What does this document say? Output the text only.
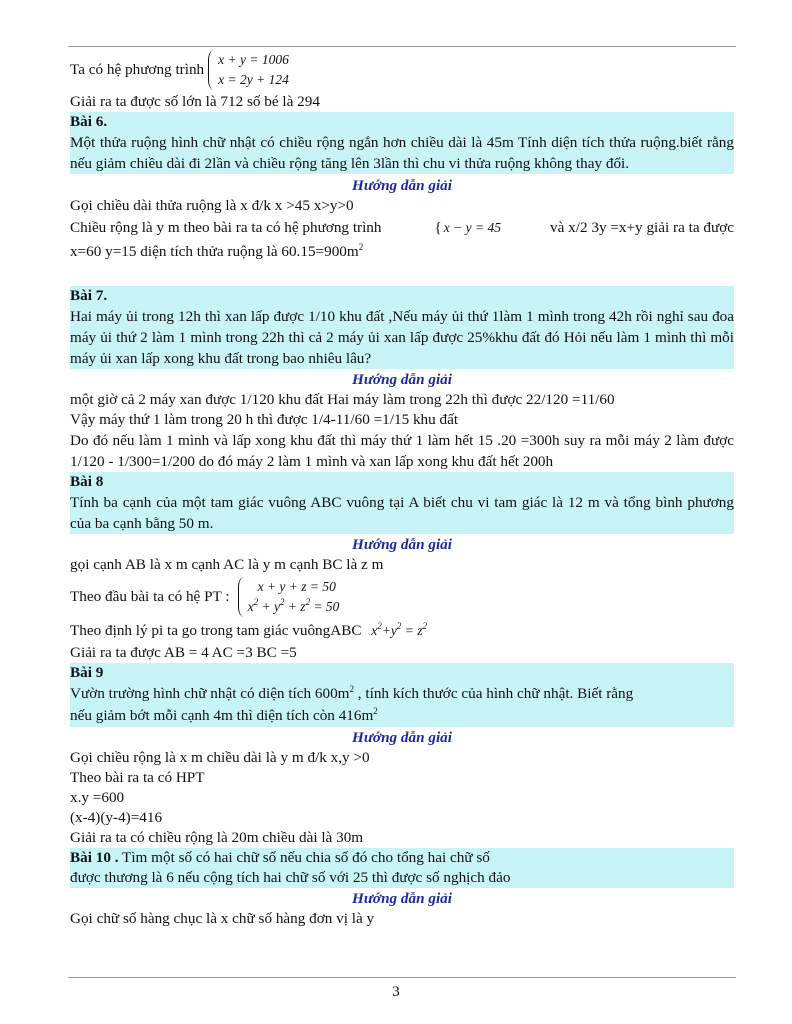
Ta có hệ phương trình
x + y = 1006
x = 2y + 124
Giải ra ta được số lớn là 712 số bé là 294
Bài 6.
Một thửa ruộng hình chữ nhật có chiều rộng ngắn hơn chiều dài là 45m Tính diện tích thửa ruộng.biết rằng nếu giảm chiều dài đi 2lần và chiều rộng tăng lên 3lần thì chu vi thửa ruộng không thay đổi.
Hướng dẫn giải
Gọi chiều dài thửa ruộng là x đ/k x >45 x>y>0
Chiều rộng là y m theo bài ra ta có hệ phương trình	{ x − y = 45	và x/2 3y =x+y giải ra ta được
x=60 y=15 diện tích thửa ruộng là $60.15=900m^2$
Bài 7.
Hai máy ủi trong 12h thì xan lấp được 1/10 khu đất ,Nếu máy ủi thứ 1làm 1 mình trong 42h rồi nghỉ sau đoa máy ủi thứ 2 làm 1 mình trong 22h thì cả 2 máy ủi xan lấp được 25%khu đất đó Hỏi nếu làm 1 mình thì mỗi máy ủi xan lấp xong khu đất trong bao nhiêu lâu?
Hướng dẫn giải
một giờ cả 2 máy xan được 1/120 khu đất Hai máy làm trong 22h thì được 22/120 =11/60
Vậy máy thứ 1 làm trong 20 h thì được 1/4-11/60 =1/15 khu đất
Do đó nếu làm 1 mình và lấp xong khu đất thì máy thứ 1 làm hết 15 .20 =300h suy ra mỗi máy 2 làm được 1/120 - 1/300=1/200 do đó máy 2 làm 1 mình và xan lấp xong khu đất hết 200h
Bài 8
Tính ba cạnh của một tam giác vuông ABC vuông tại A biết chu vi tam giác là 12 m và tổng bình phương của ba cạnh bằng 50 m.
Hướng dẫn giải
gọi cạnh AB là x m cạnh AC là y m cạnh BC là z m
Theo đầu bài ta có hệ PT :
x + y + z = 50
$x^2 + y^2 + z^2 = 50$
Theo định lý pi ta go trong tam giác vuôngABC $x^2+y^2 = z^2$
Giải ra ta được AB = 4 AC =3 BC =5
Bài 9
Vườn trường hình chữ nhật có diện tích $600m^2$ , tính kích thước của hình chữ nhật. Biết rằng
nếu giảm bớt mỗi cạnh 4m thì diện tích còn $416m^2$
Hướng dẫn giải
Gọi chiều rộng là x m chiều dài là y m đ/k x,y >0
Theo bài ra ta có HPT
x.y =600
(x-4)(y-4)=416
Giải ra ta có chiều rộng là 20m chiều dài là 30m
Bài 10 . Tìm một số có hai chữ số nếu chia số đó cho tổng hai chữ số
được thương là 6 nếu cộng tích hai chữ số với 25 thì được số nghịch đảo
Hướng dẫn giải
Gọi chữ số hàng chục là x chữ số hàng đơn vị là y
3
